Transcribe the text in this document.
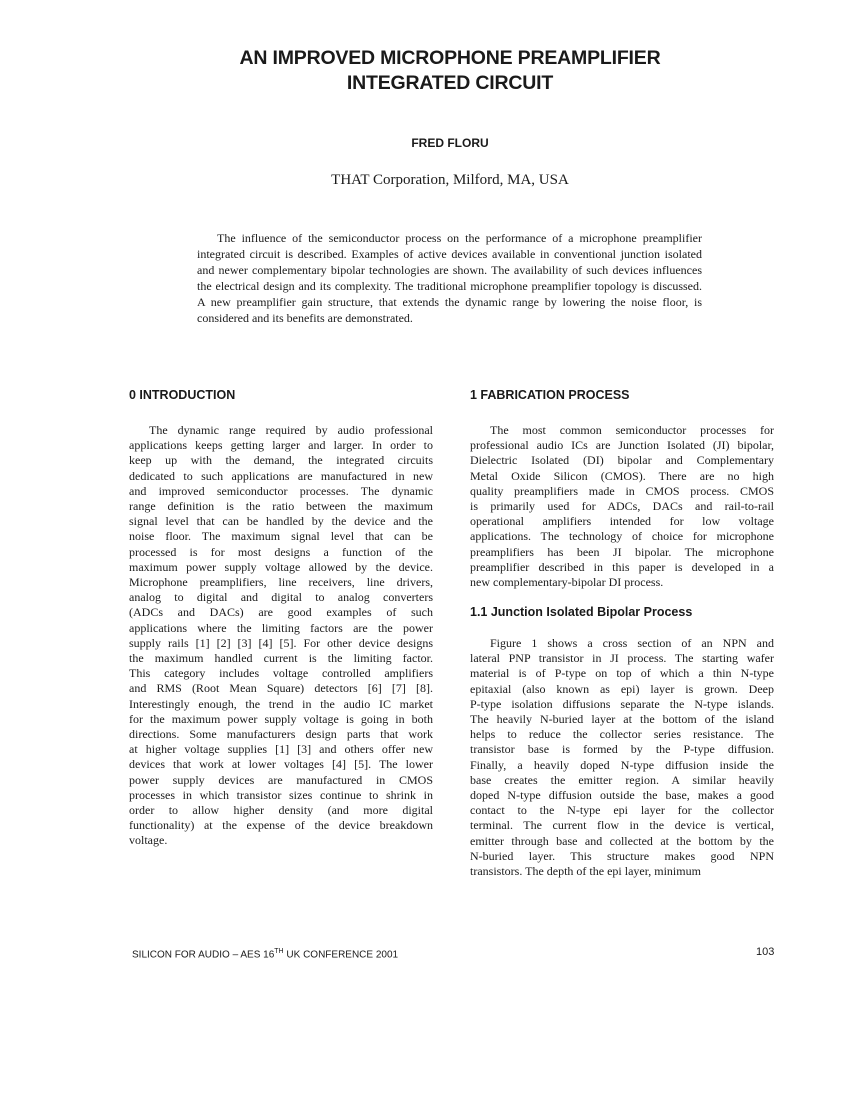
AN IMPROVED MICROPHONE PREAMPLIFIER
INTEGRATED CIRCUIT
FRED FLORU
THAT Corporation, Milford, MA, USA

The influence of the semiconductor process on the performance of a microphone preamplifier integrated circuit is described. Examples of active devices available in conventional junction isolated and newer complementary bipolar technologies are shown. The availability of such devices influences the electrical design and its complexity. The traditional microphone preamplifier topology is discussed. A new preamplifier gain structure, that extends the dynamic range by lowering the noise floor, is considered and its benefits are demonstrated.

0 INTRODUCTION
The dynamic range required by audio professional
applications keeps getting larger and larger. In order to
keep up with the demand, the integrated circuits
dedicated to such applications are manufactured in new
and improved semiconductor processes. The dynamic
range definition is the ratio between the maximum
signal level that can be handled by the device and the
noise floor. The maximum signal level that can be
processed is for most designs a function of the
maximum power supply voltage allowed by the device.
Microphone preamplifiers, line receivers, line drivers,
analog to digital and digital to analog converters
(ADCs and DACs) are good examples of such
applications where the limiting factors are the power
supply rails [1] [2] [3] [4] [5]. For other device designs
the maximum handled current is the limiting factor.
This category includes voltage controlled amplifiers
and RMS (Root Mean Square) detectors [6] [7] [8].
Interestingly enough, the trend in the audio IC market
for the maximum power supply voltage is going in both
directions. Some manufacturers design parts that work
at higher voltage supplies [1] [3] and others offer new
devices that work at lower voltages [4] [5]. The lower
power supply devices are manufactured in CMOS
processes in which transistor sizes continue to shrink in
order to allow higher density (and more digital
functionality) at the expense of the device breakdown
voltage.
1 FABRICATION PROCESS
The most common semiconductor processes for
professional audio ICs are Junction Isolated (JI) bipolar,
Dielectric Isolated (DI) bipolar and Complementary
Metal Oxide Silicon (CMOS). There are no high
quality preamplifiers made in CMOS process. CMOS
is primarily used for ADCs, DACs and rail-to-rail
operational amplifiers intended for low voltage
applications. The technology of choice for microphone
preamplifiers has been JI bipolar. The microphone
preamplifier described in this paper is developed in a
new complementary-bipolar DI process.
1.1 Junction Isolated Bipolar Process
Figure 1 shows a cross section of an NPN and
lateral PNP transistor in JI process. The starting wafer
material is of P-type on top of which a thin N-type
epitaxial (also known as epi) layer is grown. Deep
P-type isolation diffusions separate the N-type islands.
The heavily N-buried layer at the bottom of the island
helps to reduce the collector series resistance. The
transistor base is formed by the P-type diffusion.
Finally, a heavily doped N-type diffusion inside the
base creates the emitter region. A similar heavily
doped N-type diffusion outside the base, makes a good
contact to the N-type epi layer for the collector
terminal. The current flow in the device is vertical,
emitter through base and collected at the bottom by the
N-buried layer. This structure makes good NPN
transistors. The depth of the epi layer, minimum
SILICON FOR AUDIO – AES 16TH UK CONFERENCE 2001	103
